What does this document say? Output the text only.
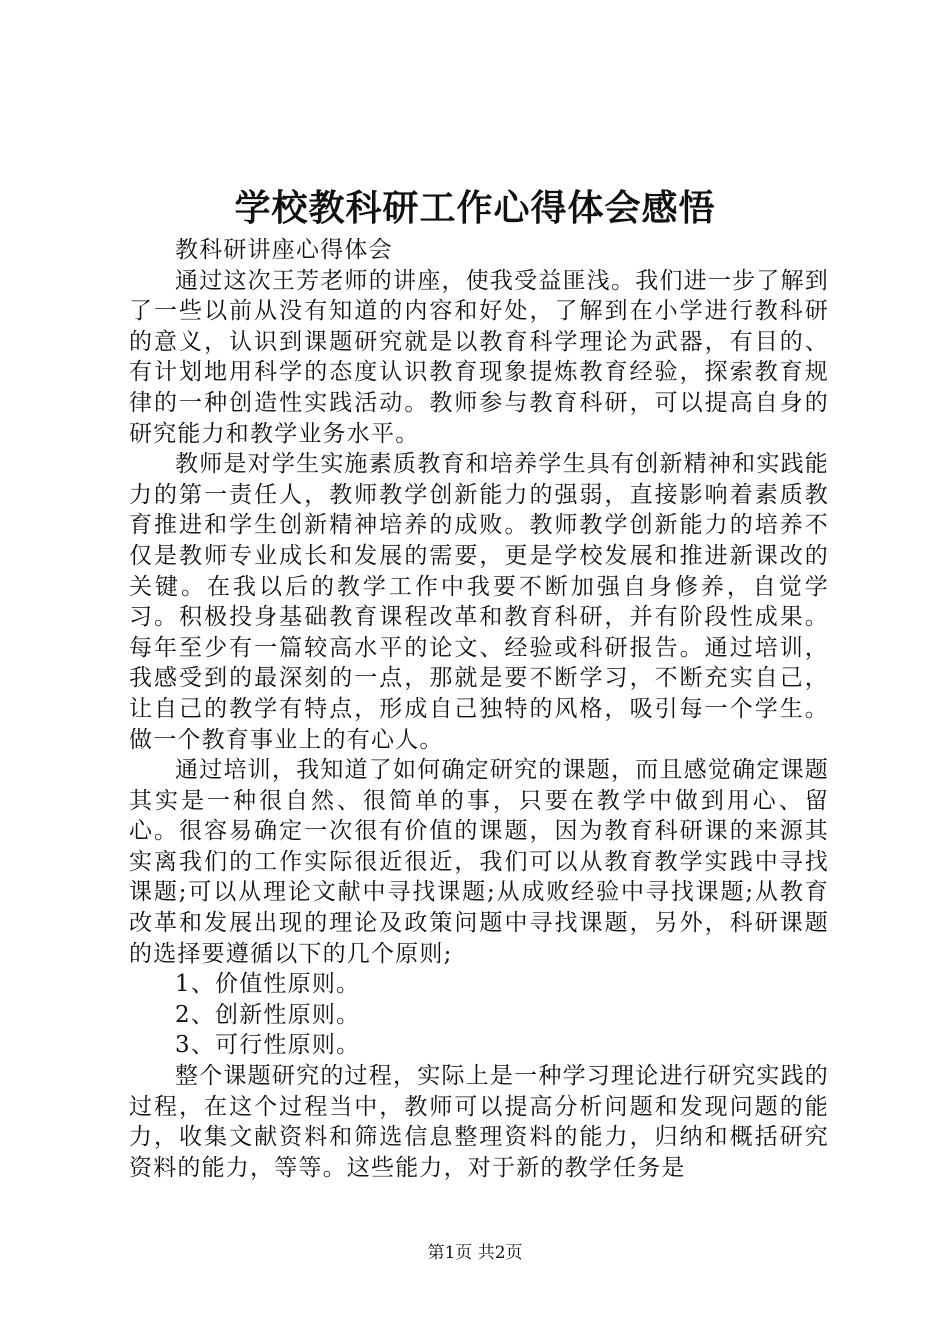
学校教科研工作心得体会感悟

教科研讲座心得体会

通过这次王芳老师的讲座，使我受益匪浅。我们进一步了解到了一些以前从没有知道的内容和好处，了解到在小学进行教科研的意义，认识到课题研究就是以教育科学理论为武器，有目的、有计划地用科学的态度认识教育现象提炼教育经验，探索教育规律的一种创造性实践活动。教师参与教育科研，可以提高自身的研究能力和教学业务水平。

教师是对学生实施素质教育和培养学生具有创新精神和实践能力的第一责任人，教师教学创新能力的强弱，直接影响着素质教育推进和学生创新精神培养的成败。教师教学创新能力的培养不仅是教师专业成长和发展的需要，更是学校发展和推进新课改的关键。在我以后的教学工作中我要不断加强自身修养，自觉学习。积极投身基础教育课程改革和教育科研，并有阶段性成果。每年至少有一篇较高水平的论文、经验或科研报告。通过培训，我感受到的最深刻的一点，那就是要不断学习，不断充实自己，让自己的教学有特点，形成自己独特的风格，吸引每一个学生。做一个教育事业上的有心人。

通过培训，我知道了如何确定研究的课题，而且感觉确定课题其实是一种很自然、很简单的事，只要在教学中做到用心、留心。很容易确定一次很有价值的课题，因为教育科研课的来源其实离我们的工作实际很近很近，我们可以从教育教学实践中寻找课题;可以从理论文献中寻找课题;从成败经验中寻找课题;从教育改革和发展出现的理论及政策问题中寻找课题，另外，科研课题的选择要遵循以下的几个原则;

1、价值性原则。

2、创新性原则。

3、可行性原则。

整个课题研究的过程，实际上是一种学习理论进行研究实践的过程，在这个过程当中，教师可以提高分析问题和发现问题的能力，收集文献资料和筛选信息整理资料的能力，归纳和概括研究资料的能力，等等。这些能力，对于新的教学任务是

第1页 共2页
